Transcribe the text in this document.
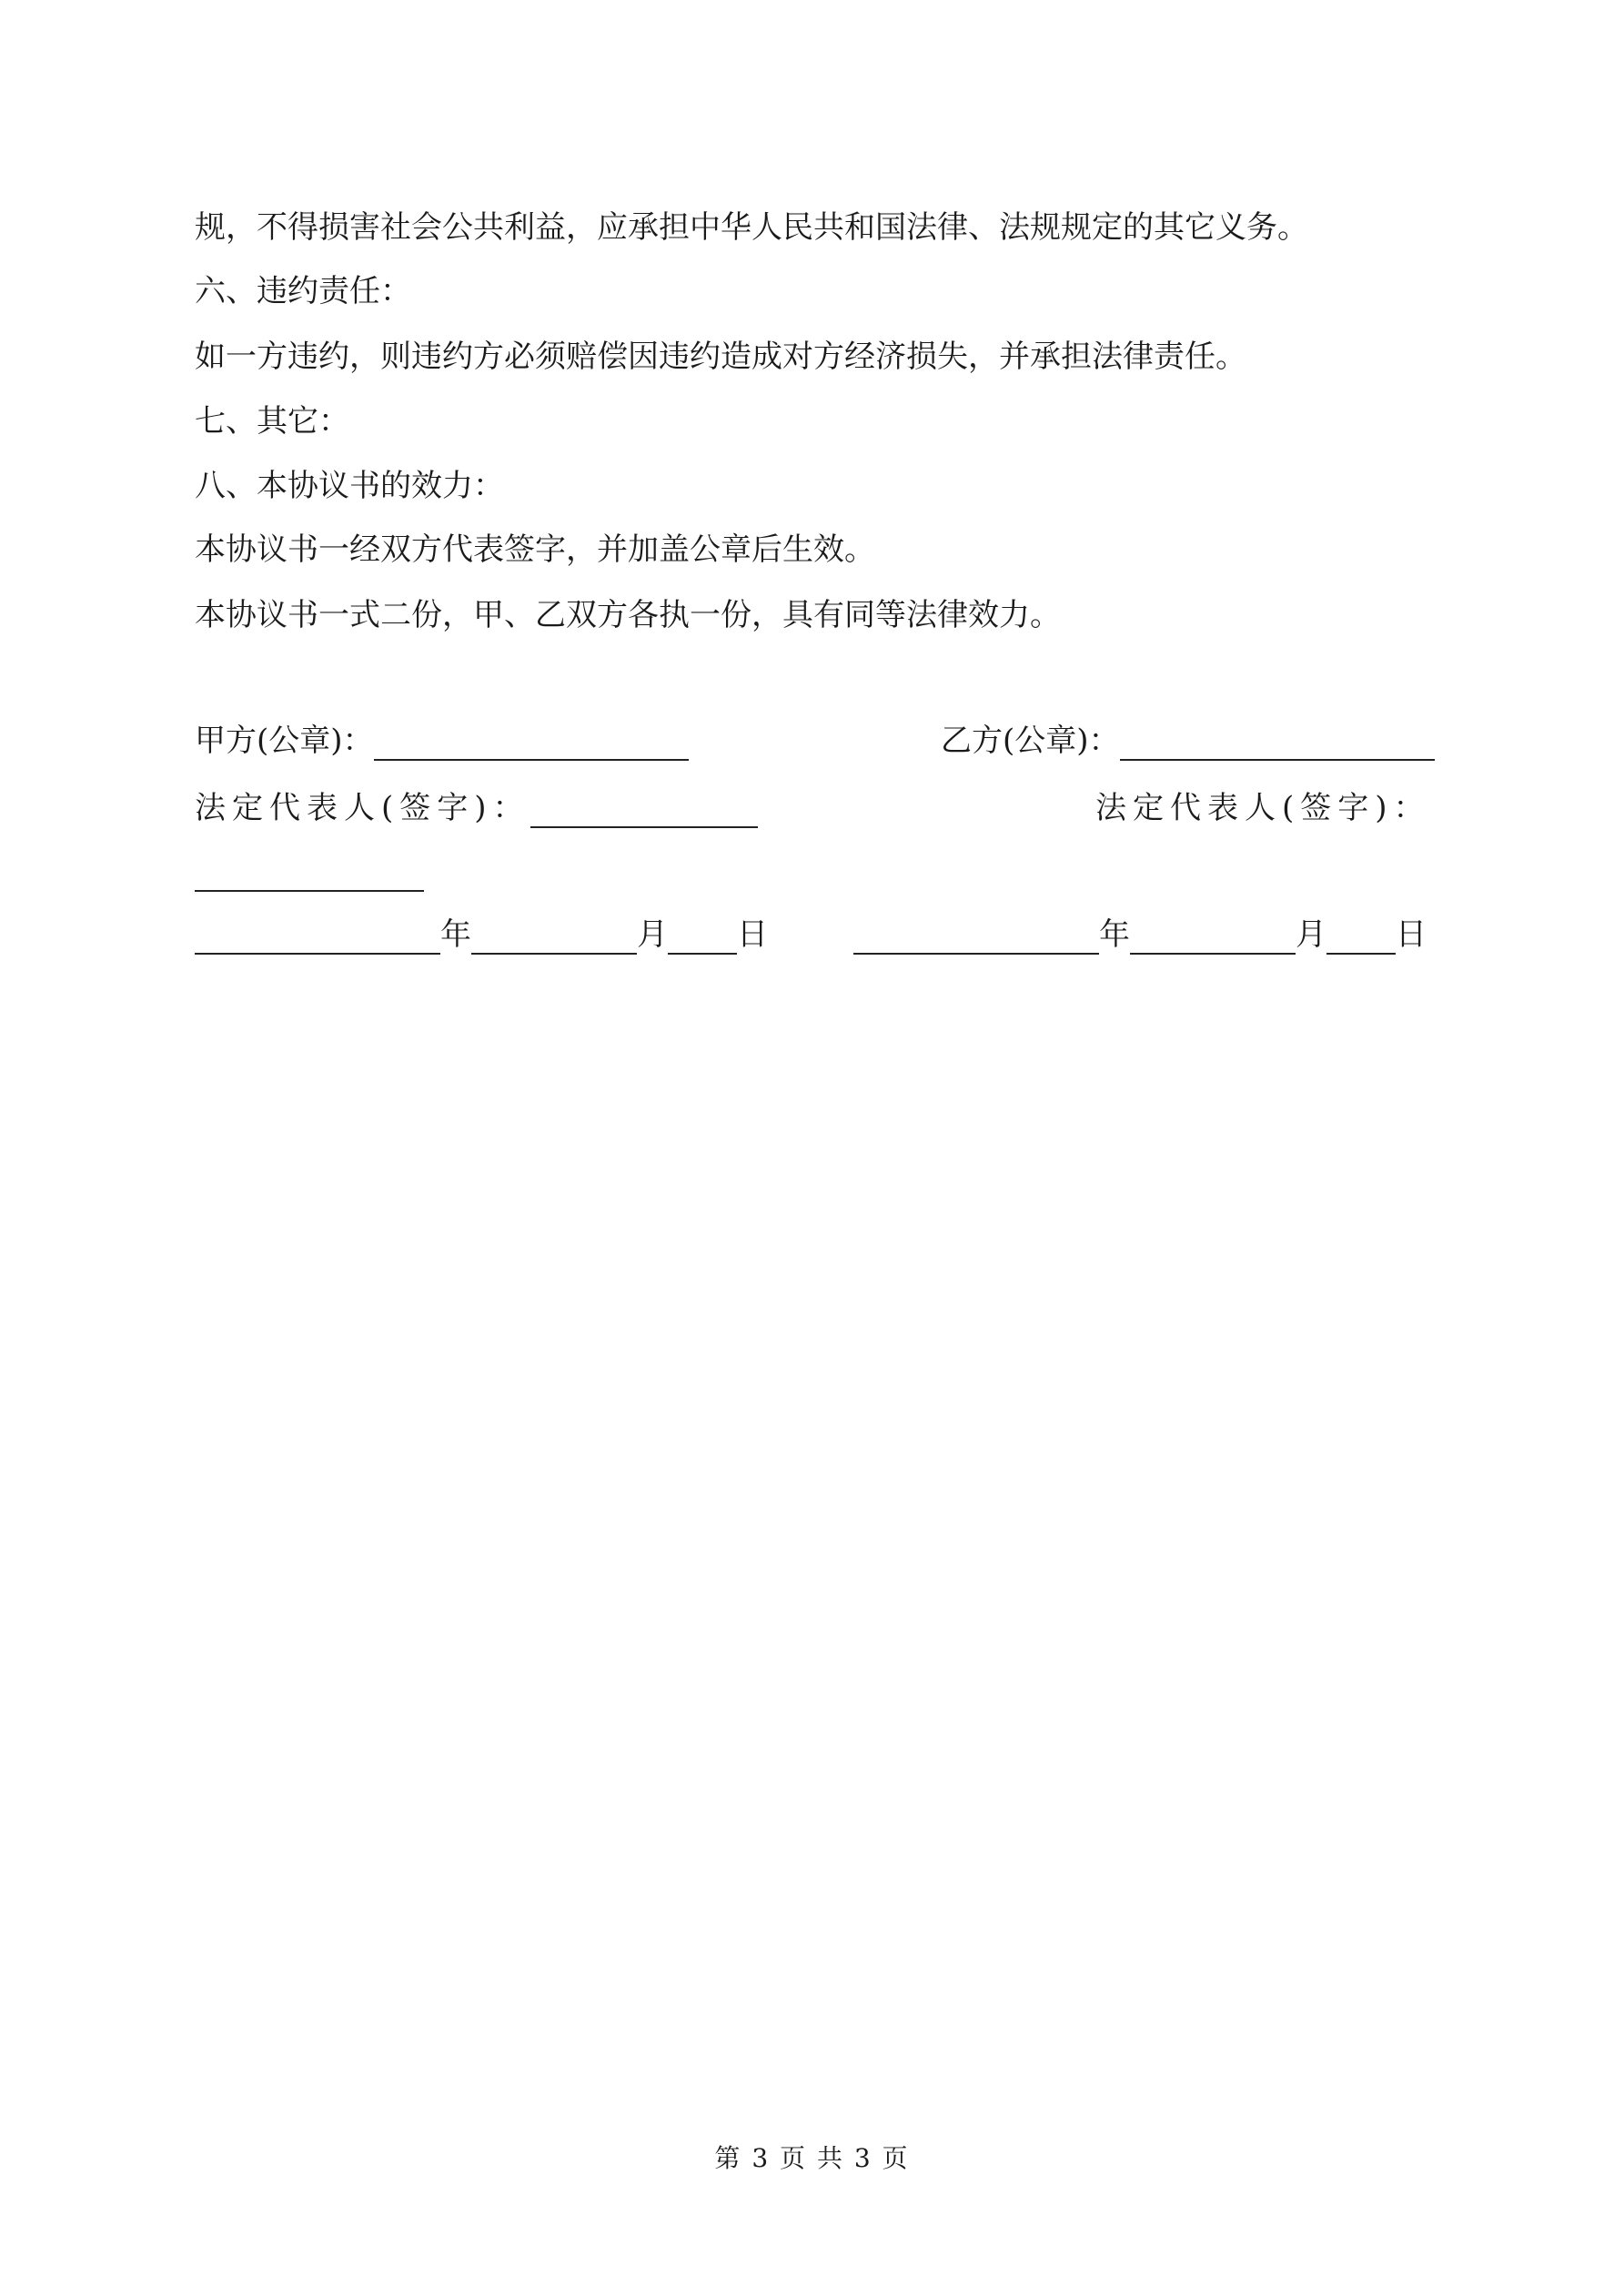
规，不得损害社会公共利益，应承担中华人民共和国法律、法规规定的其它义务。
六、违约责任：
如一方违约，则违约方必须赔偿因违约造成对方经济损失，并承担法律责任。
七、其它：
八、本协议书的效力：
本协议书一经双方代表签字，并加盖公章后生效。
本协议书一式二份，甲、乙双方各执一份，具有同等法律效力。
甲方(公章)：	乙方(公章)：
法定代表人(签字)：	法定代表人(签字)：
年	月 日	年	月 日
第 3 页 共 3 页
